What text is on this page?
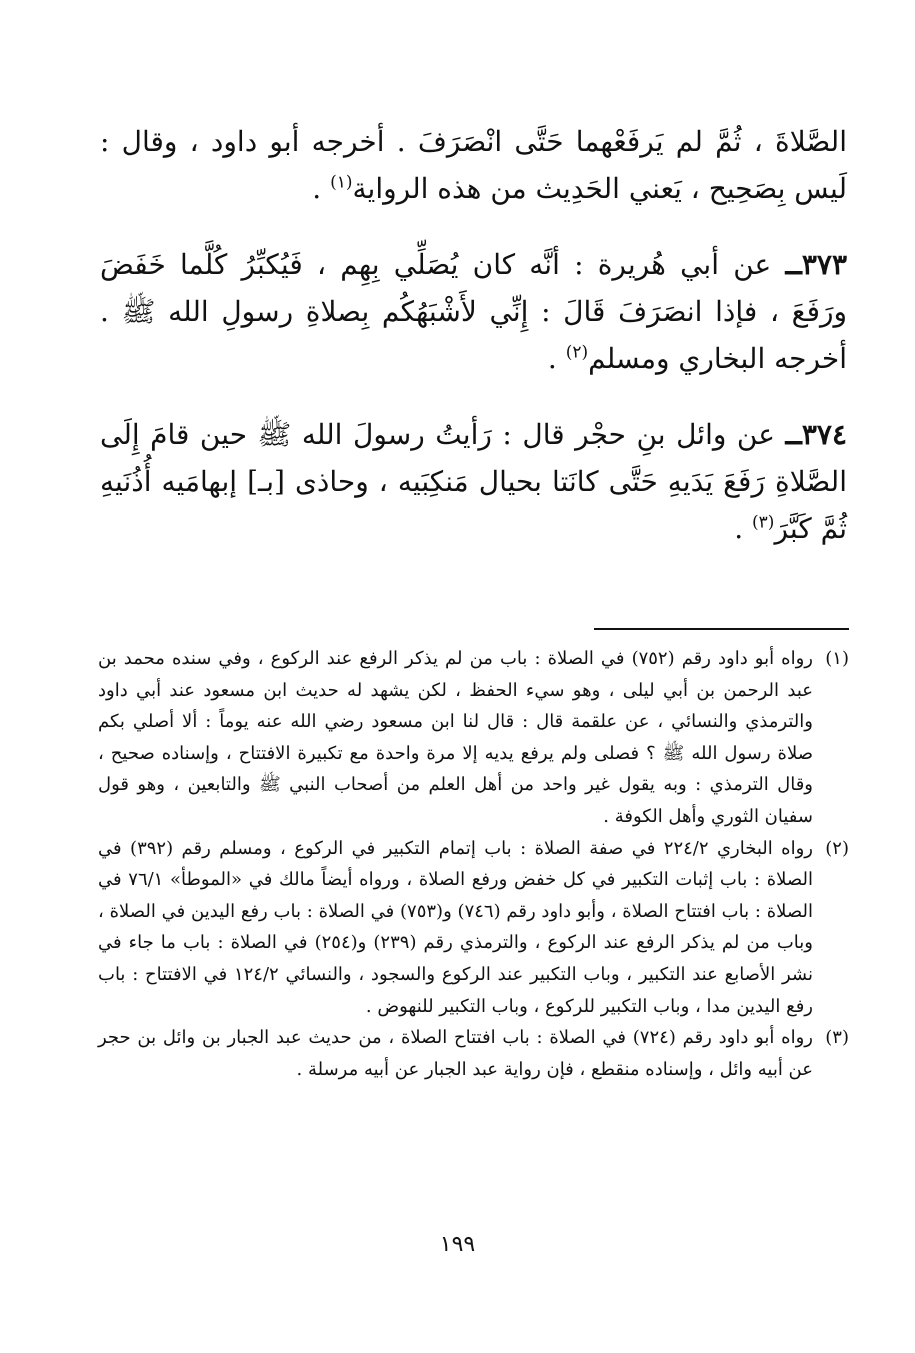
الصَّلاةَ ، ثُمَّ لم يَرفَعْهما حَتَّى انْصَرَفَ . أخرجه أبو داود ، وقال : لَيس بِصَحِيح ، يَعني الحَدِيث من هذه الرواية$^{(١)}$ .

٣٧٣ــ عن أبي هُريرة : أنَّه كان يُصَلِّي بِهِم ، فَيُكبِّرُ كُلَّما خَفَضَ ورَفَعَ ، فإذا انصَرَفَ قَالَ : إِنِّي لأَشْبَهُكُم بِصلاةِ رسولِ الله ﷺ . أخرجه البخاري ومسلم$^{(٢)}$ .

٣٧٤ــ عن وائل بنِ حجْر قال : رَأيتُ رسولَ الله ﷺ حين قامَ إِلَى الصَّلاةِ رَفَعَ يَدَيهِ حَتَّى كانَتا بحيال مَنكِبَيه ، وحاذى [بـ] إبهامَيه أُذُنَيهِ ثُمَّ كَبَّرَ$^{(٣)}$ .

(١)
رواه أبو داود رقم (٧٥٢) في الصلاة : باب من لم يذكر الرفع عند الركوع ، وفي سنده محمد بن عبد الرحمن بن أبي ليلى ، وهو سيء الحفظ ، لكن يشهد له حديث ابن مسعود عند أبي داود والترمذي والنسائي ، عن علقمة قال : قال لنا ابن مسعود رضي الله عنه يوماً : ألا أصلي بكم صلاة رسول الله ﷺ ؟ فصلى ولم يرفع يديه إلا مرة واحدة مع تكبيرة الافتتاح ، وإسناده صحيح ، وقال الترمذي : وبه يقول غير واحد من أهل العلم من أصحاب النبي ﷺ والتابعين ، وهو قول سفيان الثوري وأهل الكوفة .
(٢)
رواه البخاري ٢٢٤/٢ في صفة الصلاة : باب إتمام التكبير في الركوع ، ومسلم رقم (٣٩٢) في الصلاة : باب إثبات التكبير في كل خفض ورفع الصلاة ، ورواه أيضاً مالك في «الموطأ» ٧٦/١ في الصلاة : باب افتتاح الصلاة ، وأبو داود رقم (٧٤٦) و(٧٥٣) في الصلاة : باب رفع اليدين في الصلاة ، وباب من لم يذكر الرفع عند الركوع ، والترمذي رقم (٢٣٩) و(٢٥٤) في الصلاة : باب ما جاء في نشر الأصابع عند التكبير ، وباب التكبير عند الركوع والسجود ، والنسائي ١٢٤/٢ في الافتتاح : باب رفع اليدين مدا ، وباب التكبير للركوع ، وباب التكبير للنهوض .
(٣)
رواه أبو داود رقم (٧٢٤) في الصلاة : باب افتتاح الصلاة ، من حديث عبد الجبار بن وائل بن حجر عن أبيه وائل ، وإسناده منقطع ، فإن رواية عبد الجبار عن أبيه مرسلة .
١٩٩
